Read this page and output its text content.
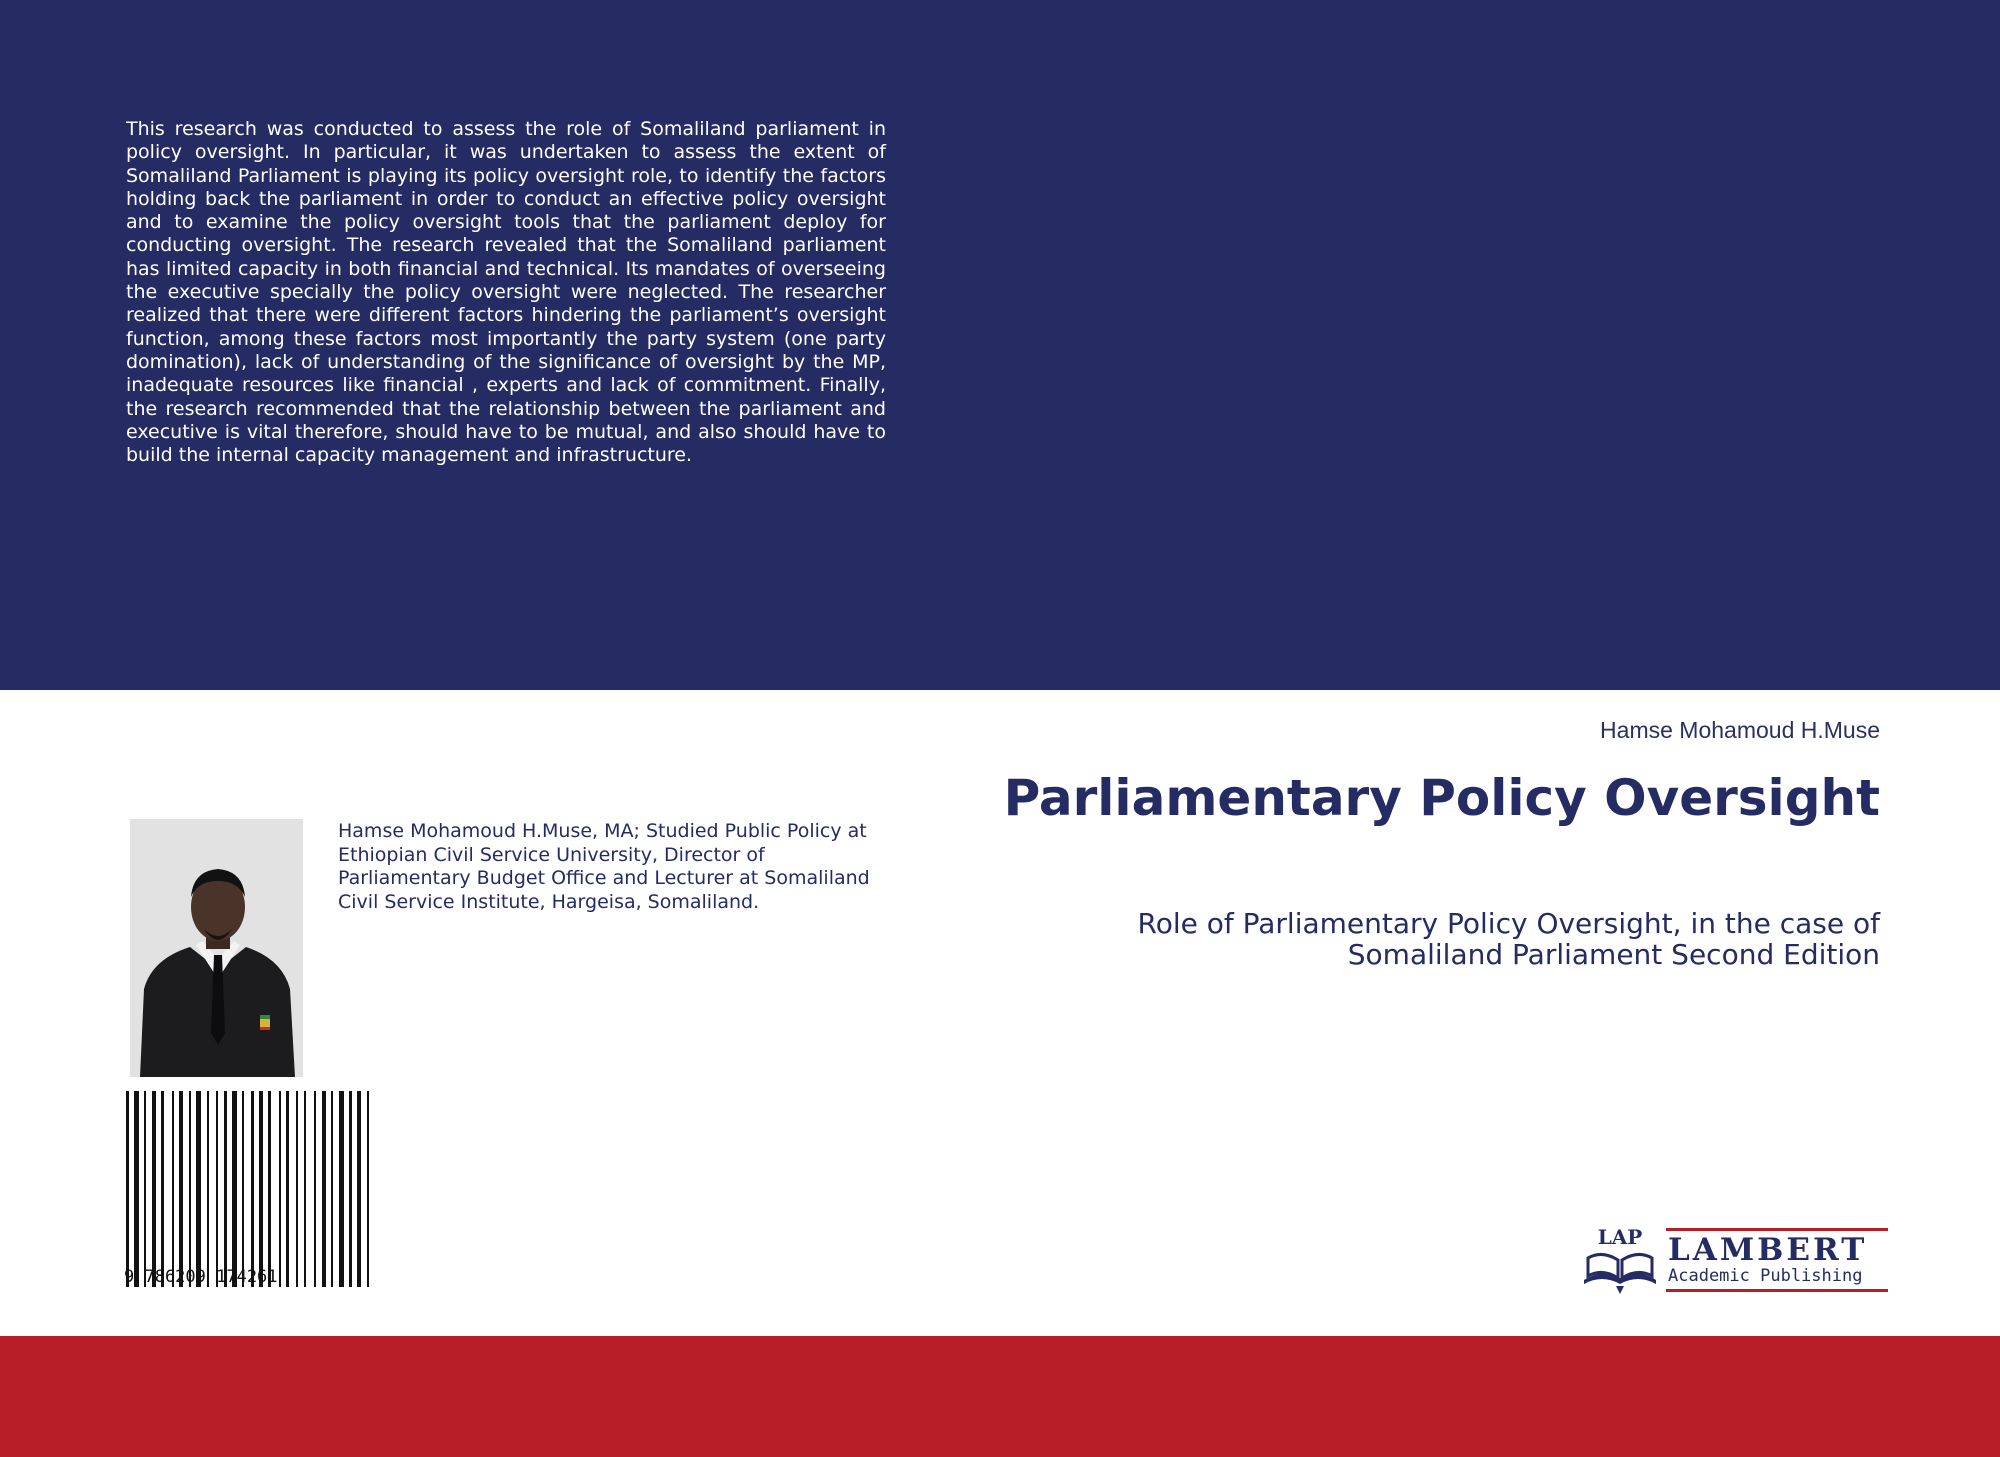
This research was conducted to assess the role of Somaliland parliament in policy oversight. In particular, it was undertaken to assess the extent of Somaliland Parliament is playing its policy oversight role, to identify the factors holding back the parliament in order to conduct an effective policy oversight and to examine the policy oversight tools that the parliament deploy for conducting oversight. The research revealed that the Somaliland parliament has limited capacity in both financial and technical. Its mandates of overseeing the executive specially the policy oversight were neglected. The researcher realized that there were different factors hindering the parliament’s oversight function, among these factors most importantly the party system (one party domination), lack of understanding of the significance of oversight by the MP, inadequate resources like financial , experts and lack of commitment. Finally, the research recommended that the relationship between the parliament and executive is vital therefore, should have to be mutual, and also should have to build the internal capacity management and infrastructure.

Hamse Mohamoud H.Muse
Parliamentary Policy Oversight
Role of Parliamentary Policy Oversight, in the case of Somaliland Parliament Second Edition

Hamse Mohamoud H.Muse, MA; Studied Public Policy at Ethiopian Civil Service University, Director of Parliamentary Budget Office and Lecturer at Somaliland Civil Service Institute, Hargeisa, Somaliland.

9 786209 174261
LAP LAMBERT
Academic Publishing
